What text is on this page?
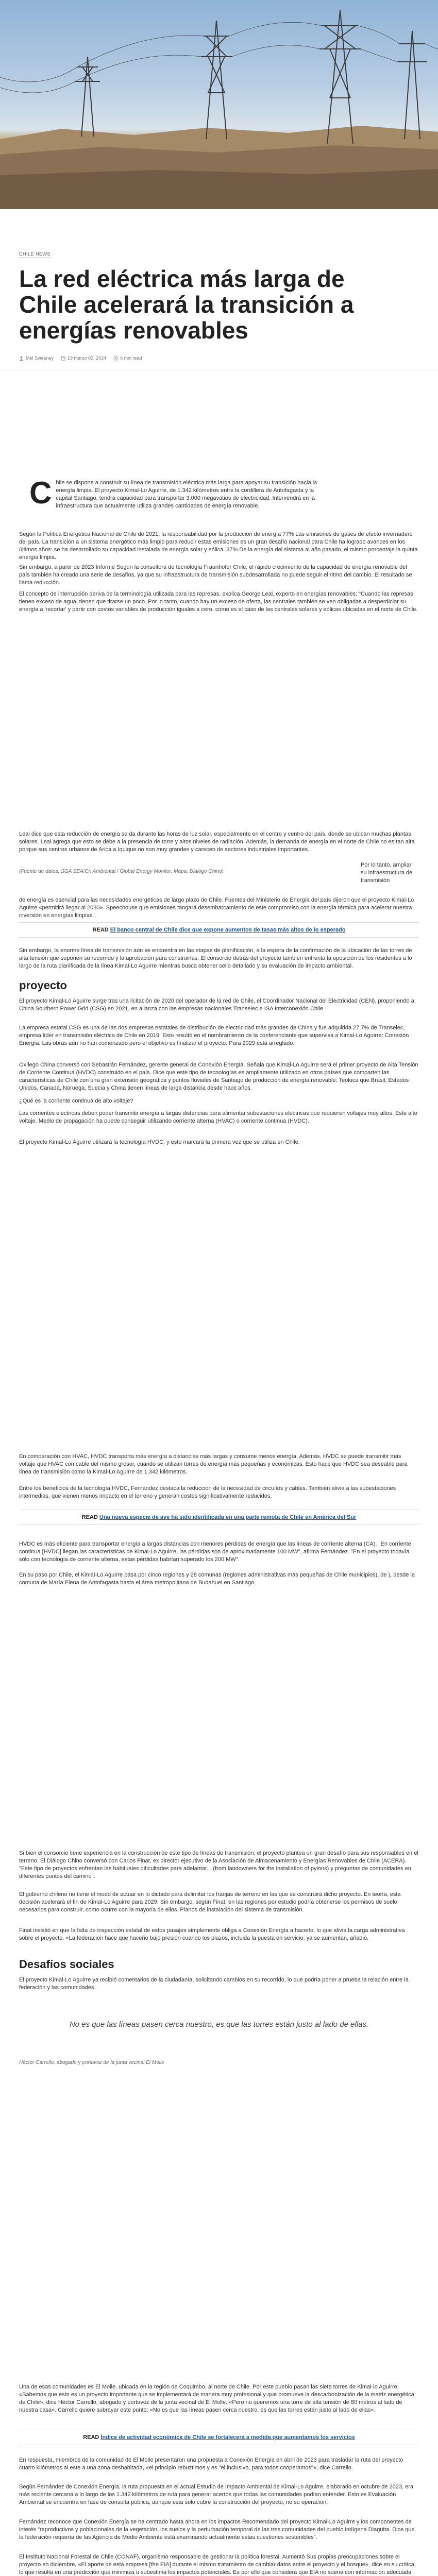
CHILE NEWS
La red eléctrica más larga de Chile acelerará la transición a energías renovables
Mel Sweeney	19 marzo 02, 2024	6 min read
C hile se dispone a construir su línea de transmisión eléctrica más larga para apoyar su transición hacia la energía limpia. El proyecto Kimal-Lo Aguirre, de 1.342 kilómetros entre la cordillera de Antofagasta y la capital Santiago, tendrá capacidad para transportar 3.000 megavatios de electricidad. Intervendrá en la infraestructura que actualmente utiliza grandes cantidades de energía renovable.

Según la Política Energética Nacional de Chile de 2021, la responsabilidad por la producción de energía 77% Las emisiones de gases de efecto invernadero del país. La transición a un sistema energético más limpio para reducir estas emisiones es un gran desafío nacional para Chile ha logrado avances en los últimos años: se ha desarrollado su capacidad instalada de energía solar y eólica. 37% De la energía del sistema al año pasado, el mismo porcentaje la quinta energía limpia.

Sin embargo, a partir de 2023 Informe Según la consultora de tecnología Fraunhofer Chile, el rápido crecimiento de la capacidad de energía renovable del país también ha creado una serie de desafíos, ya que su infraestructura de transmisión subdesarrollada no puede seguir el ritmo del cambio. El resultado se llama reducción.

El concepto de interrupción deriva de la terminología utilizada para las represas, explica George Leal, experto en energías renovables: "Cuando las represas tienen exceso de agua, tienen que tirarse un poco. Por lo tanto, cuando hay un exceso de oferta, las centrales también se ven obligadas a desperdiciar su energía a 'recortar' y partir con costos variables de producción iguales a cero, como es el caso de las centrales solares y eólicas ubicadas en el norte de Chile.

Leal dice que esta reducción de energía se da durante las horas de luz solar, especialmente en el centro y centro del país, donde se ubican muchas plantas solares. Leal agrega que esto se debe a la presencia de torre y altos niveles de radiación. Además, la demanda de energía en el norte de Chile no es tan alta porque sus centros urbanos de Arica a Iquique no son muy grandes y carecen de sectores industriales importantes.

(Fuente de datos: SGA SEA/Cn Ambiental / Global Energy Monitor. Mapa: Dialogo Chino)

Por lo tanto, ampliar su infraestructura de transmisión

de energía es esencial para las necesidades energéticas de largo plazo de Chile. Fuentes del Ministerio de Energía del país dijeron que el proyecto Kimal-Lo Aguirre «permitirá llegar al 2030». Speechouse que emisiones tangará desembarcamiento de este compromiso con la energía térmica para acelerar nuestra inversión en energías limpias".

READ El banco central de Chile dice que expone aumentos de tasas más altos de lo esperado

Sin embargo, la enorme línea de transmisión aún se encuentra en las etapas de planificación, a la espera de la confirmación de la ubicación de las torres de alta tensión que suponen su recorrido y la aprobación para construirlas. El consorcio detrás del proyecto también enfrenta la oposición de los residentes a lo largo de la ruta planificada de la línea Kimal-Lo Aguirre mientras busca obtener sello detallado y su evaluación de impacto ambiental.

proyecto

El proyecto Kimal-Lo Aguirre surge tras una licitación de 2020 del operador de la red de Chile, el Coordinador Nacional del Electricidad (CEN), proponiendo a China Southern Power Grid (CSG) en 2021, en alianza con las empresas nacionales Transelec e ISA Interconexión Chile.

La empresa estatal CSG es una de las dos empresas estatales de distribución de electricidad más grandes de China y fue adquirida 27.7% de Transelec, empresa líder en transmisión eléctrica de Chile en 2019. Esto resultó en el nombramiento de la conferenciante que supervisa a Kimal-Lo Aguirre: Conexión Energía. Las obras aún no han comenzado pero el objetivo es finalizar el proyecto. Para 2029 está arreglado.

Oxílego China conversó con Sebastián Fernández, gerente general de Conexión Energía. Señala que Kimal-Lo Aguirre será el primer proyecto de Alta Tensión de Corriente Continua (HVDC) construido en el país. Dice que este tipo de tecnologías es ampliamente utilizado en otros países que comparten las características de Chile con una gran extensión geográfica y puntos fluviales de Santiago de producción de energía renovable: Teoluca que Brasil, Estados Unidos, Canadá, Noruega, Suecia y China tienen líneas de larga distancia desde hace años.

¿Qué es la corriente continua de alto voltaje?

Las corrientes eléctricas deben poder transmitir energía a largas distancias para alimentar subestaciones eléctricas que requieren voltajes muy altos. Este alto voltaje. Medio de propagación ha puede conseguir utilizando corriente alterna (HVAC) o corriente continua (HVDC).

El proyecto Kimal-Lo Aguirre utilizará la tecnología HVDC, y esto marcará la primera vez que se utiliza en Chile.

En comparación con HVAC, HVDC transporta más energía a distancias más largas y consume menos energía. Además, HVDC se puede transmitir más voltaje que HVAC con cable del mismo grosor, cuando se utilizan torres de energía más pequeñas y económicas. Esto hace que HVDC sea deseable para línea de transmisión como la Kimal-Lo Aguirre de 1.342 kilómetros.

Entre los beneficios de la tecnología HVDC, Fernández destaca la reducción de la necesidad de circuitos y cables. También alivia a las subestaciones intermedias, que vienen menos impacto en el terreno y generan costes significativamente reducidos.

READ Una nueva especie de ave ha sido identificada en una parte remota de Chile en América del Sur

HVDC es más eficiente para transportar energía a largas distancias con menores pérdidas de energía que las líneas de corriente alterna (CA). "En corriente continua [HVDC] llegan las características de Kimal-Lo Aguirre, las pérdidas son de aproximadamente 100 MW", afirma Fernández. "En el proyecto todavía sólo con tecnología de corriente alterna, estas pérdidas habrían superado los 200 MW".

En su paso por Chile, el Kimal-Lo Aguirre pasa por cinco regiones y 28 comunas (regiones administrativas más pequeñas de Chile municipios), de ), desde la comuna de María Elena de Antofagasta hasta el área metropolitana de Budahuel en Santiago.

Si bien el consorcio tiene experiencia en la construcción de este tipo de líneas de transmisión, el proyecto plantea un gran desafío para sus responsables en el terreno. El Diálogo Chino conversó con Carlos Finat, ex director ejecutivo de la Asociación de Almacenamiento y Energías Renovables de Chile (ACERA). "Este tipo de proyectos enfrentan las habituales dificultades para adelantar... (from landowners for the installation of pylons) y preguntas de comunidades en diferentes puntos del camino".

El gobierno chileno no tiene el modo de actuar en lo dictado para delimitar los franjas de terreno en las que se construirá dicho proyecto. En teoría, esta decisión acelerará el fin de Kimal-Lo Aguirre para 2029. Sin embargo, según Finat, en las regiones por estudio podría obtenerse los permisos de suelo necesarios para construir, como ocurre con la mayoría de ellos. Planos de instalación del sistema de transmisión.

Finat insistió en que la falta de inspección estatal de estos pasajes simplemente obliga a Conexión Energía a hacerlo, lo que alivia la carga administrativa sobre el proyecto. «La federación hace que haceño bajo presión cuando los plazos, incluida la puesta en servicio, ya se aumentan, añadió.

Desafíos sociales

El proyecto Kimal-Lo Aguirre ya recibió comentarios de la ciudadanía, solicitando cambios en su recorrido, lo que podría poner a prueba la relación entre la federación y las comunidades.

No es que las líneas pasen cerca nuestro, es que las torres están justo al lado de ellas.

Héctor Carrello, abogado y portavoz de la junta vecinal El Molle

Una de esas comunidades es El Molle, ubicada en la región de Coquimbo, al norte de Chile. Por este pueblo pasan las siete torres de Kimal-lo Aguirre. «Sabemos que esto es un proyecto importante que se implementará de manera muy profesional y que promueve la descarbonización de la matriz energética de Chile», dice Héctor Carrello, abogado y portavoz de la junta vecinal de El Molle. «Pero no queremos una torre de alta tensión de 80 metros al lado de nuestra casa». Carrello quiere subrayar este punto: «No es que las líneas pasen cerca nuestro, es que las torres están justo al lado de ellas».

READ Índice de actividad económica de Chile se fortalecerá a medida que aumentamos los servicios

En respuesta, miembros de la comunidad de El Molle presentaron una propuesta a Conexión Energía en abril de 2023 para trasladar la ruta del proyecto cuatro kilómetros al este a una zona deshabitada, «el principio rebuztimos y es "el inclusivo, para todos cooperamos"», dice Carrello.

Según Fernández de Conexión Energía, la ruta propuesta en el actual Estudio de Impacto Ambiental de Kimal-Lo Aguirre, elaborado en octubre de 2023, era más reciente cercana a lo largo de los 1.342 kilómetros de ruta para generar acertos que todas las comunidades podían entender. Esto es Evaluación Ambiental se encuentra en fase de consulta pública, aunque ésta solo cubre la construcción del proyecto, no su operación.

Fernández reconoce que Conexión Energía se ha centrado hasta ahora en los impactos Recomendado del proyecto Kimal-Lo Aguirre y los componentes de interés "reproductivos y poblacionales de la vegetación, los suelos y la perturbación temporal de las tres comunidades del pueblo indígena Diaguita. Dice que la federación requería de las Agencia de Medio Ambiente está examinando actualmente estas cuestiones sostenibles".

El Instituto Nacional Forestal de Chile (CONAF), organismo responsable de gestionar la política forestal, Aumentó Sus propias preocupaciones sobre el proyecto en diciembre, «El aporte de esta empresa [the EIA] durante el mismo tratamiento de cambiar datos entre el proyecto y el bosque», dice en su crítica, lo que resulta en una predicción que minimiza u subestima los impactos potenciales. Es por ello que considera que EIA no suena con información adecuada
